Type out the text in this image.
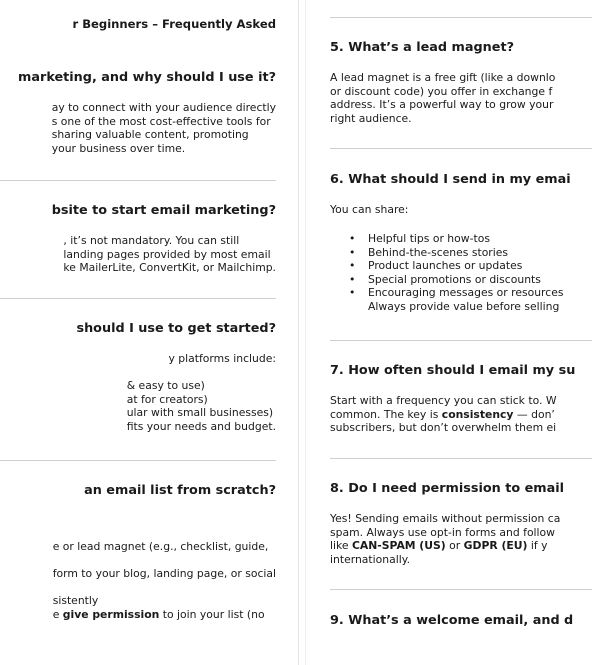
r Beginners – Frequently Asked
marketing, and why should I use it?

ay to connect with your audience directly
s one of the most cost-effective tools for
sharing valuable content, promoting
your business over time.

bsite to start email marketing?

, it’s not mandatory. You can still
landing pages provided by most email
ke MailerLite, ConvertKit, or Mailchimp.

should I use to get started?

y platforms include:

& easy to use)
at for creators)
ular with small businesses)
fits your needs and budget.
an email list from scratch?
e or lead magnet (e.g., checklist, guide,
form to your blog, landing page, or social
sistently
e give permission to join your list (no
5. What’s a lead magnet?

A lead magnet is a free gift (like a downlo
or discount code) you offer in exchange f
address. It’s a powerful way to grow your
right audience.

6. What should I send in my emai

You can share:

• Helpful tips or how-tos
• Behind-the-scenes stories
• Product launches or updates
• Special promotions or discounts
• Encouraging messages or resources
Always provide value before selling
7. How often should I email my su

Start with a frequency you can stick to. W
common. The key is consistency — don’
subscribers, but don’t overwhelm them ei

8. Do I need permission to email

Yes! Sending emails without permission ca
spam. Always use opt-in forms and follow
like CAN-SPAM (US) or GDPR (EU) if y
internationally.

9. What’s a welcome email, and d
